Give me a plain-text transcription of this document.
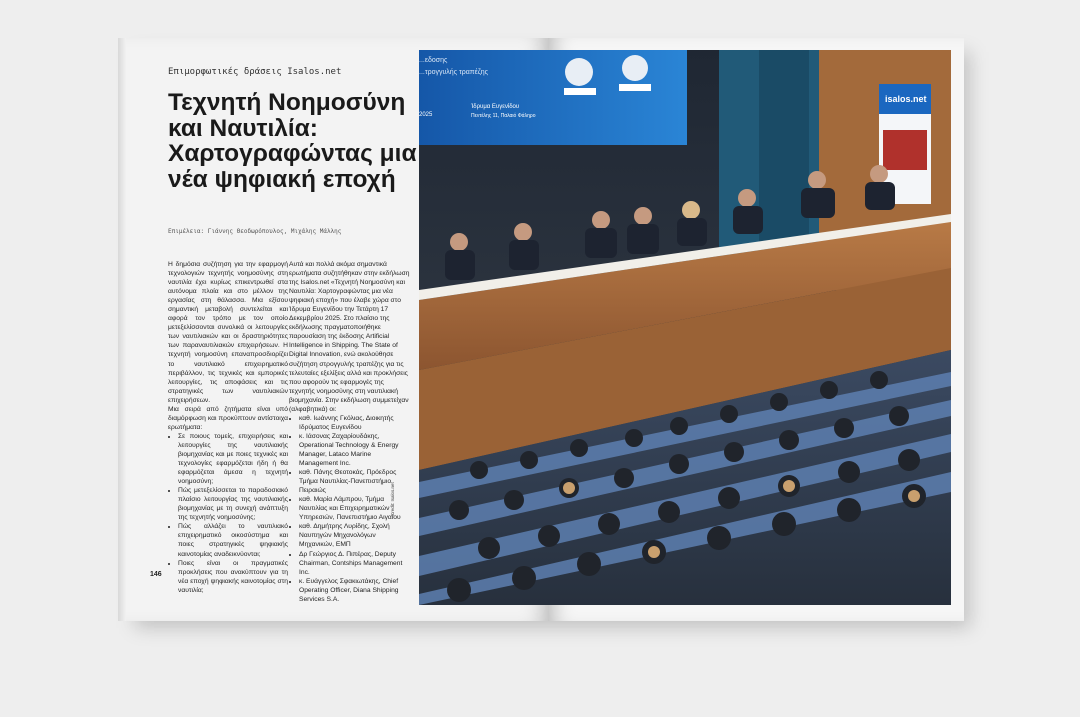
Επιμορφωτικές δράσεις Isalos.net
Τεχνητή Νοημοσύνη και Ναυτιλία: Χαρτογραφώντας μια νέα ψηφιακή εποχή
Επιμέλεια: Γιάννης Θεοδωρόπουλος, Μιχάλης Μάλλης

Η δημόσια συζήτηση για την εφαρμογή τεχνολογιών τεχνητής νοημοσύνης στη ναυτιλία έχει κυρίως επικεντρωθεί στα αυτόνομα πλοία και στο μέλλον της εργασίας στη θάλασσα. Μια εξίσου σημαντική μεταβολή συντελείται και αφορά τον τρόπο με τον οποίο μετεξελίσσονται συνολικά οι λειτουργίες των ναυτιλιακών και οι δραστηριότητες των παραναυτιλιακών επιχειρήσεων. Η τεχνητή νοημοσύνη επαναπροσδιορίζει το ναυτιλιακό επιχειρηματικό περιβάλλον, τις τεχνικές και εμπορικές λειτουργίες, τις αποφάσεις και τις στρατηγικές των ναυτιλιακών επιχειρήσεων.

Μια σειρά από ζητήματα είναι υπό διαμόρφωση και προκύπτουν αντίστοιχα ερωτήματα:

• Σε ποιους τομείς, επιχειρήσεις και λειτουργίες της ναυτιλιακής βιομηχανίας και με ποιες τεχνικές και τεχνολογίες εφαρμόζεται ήδη ή θα εφαρμόζεται άμεσα η τεχνητή νοημοσύνη;
• Πώς μετεξελίσσεται το παραδοσιακό πλαίσιο λειτουργίας της ναυτιλιακής βιομηχανίας με τη συνεχή ανάπτυξη της τεχνητής νοημοσύνης;
• Πώς αλλάζει το ναυτιλιακό επιχειρηματικό οικοσύστημα και ποιες στρατηγικές ψηφιακής καινοτομίας αναδεικνύονται;
• Ποιες είναι οι πραγματικές προκλήσεις που ανακύπτουν για τη νέα εποχή ψηφιακής καινοτομίας στη ναυτιλία;

Αυτά και πολλά ακόμα σημαντικά ερωτήματα συζητήθηκαν στην εκδήλωση της Isalos.net «Τεχνητή Νοημοσύνη και Ναυτιλία: Χαρτογραφώντας μια νέα ψηφιακή εποχή» που έλαβε χώρα στο Ίδρυμα Ευγενίδου την Τετάρτη 17 Δεκεμβρίου 2025. Στο πλαίσιο της εκδήλωσης πραγματοποιήθηκε παρουσίαση της έκδοσης Artificial Intelligence in Shipping. The State of Digital Innovation, ενώ ακολούθησε συζήτηση στρογγυλής τραπέζης για τις τελευταίες εξελίξεις αλλά και προκλήσεις που αφορούν τις εφαρμογές της τεχνητής νοημοσύνης στη ναυτιλιακή βιομηχανία. Στην εκδήλωση συμμετείχαν (αλφαβητικά) οι:

• καθ. Ιωάννης Γκόλιας, Διοικητής Ιδρύματος Ευγενίδου
• κ. Ιάσονας Ζαχαρίουδάκης, Operational Technology & Energy Manager, Lataco Marine Management Inc.
• καθ. Πάνης Θεοτοκάς, Πρόεδρος Τμήμα Ναυτιλίας-Πανεπιστήμιο Πειραιώς
• καθ. Μαρία Λάμπρου, Τμήμα Ναυτιλίας και Επιχειρηματικών Υπηρεσιών, Πανεπιστήμιο Αιγαίου
• καθ. Δημήτρης Λυρίδης, Σχολή Ναυπηγών Μηχανολόγων Μηχανικών, ΕΜΠ
• Δρ Γεώργιος Δ. Πιπέρας, Deputy Chairman, Contships Management Inc.
• κ. Ευάγγελος Σφακιωτάκης, Chief Operating Officer, Diana Shipping Services S.A.
146
...εδοσης
...τρογγυλής τραπέζης
2025
Ίδρυμα Ευγενίδου
Πεντέλης 11, Παλαιό Φάληρο
isalos.net
Credit: Isalos.net
